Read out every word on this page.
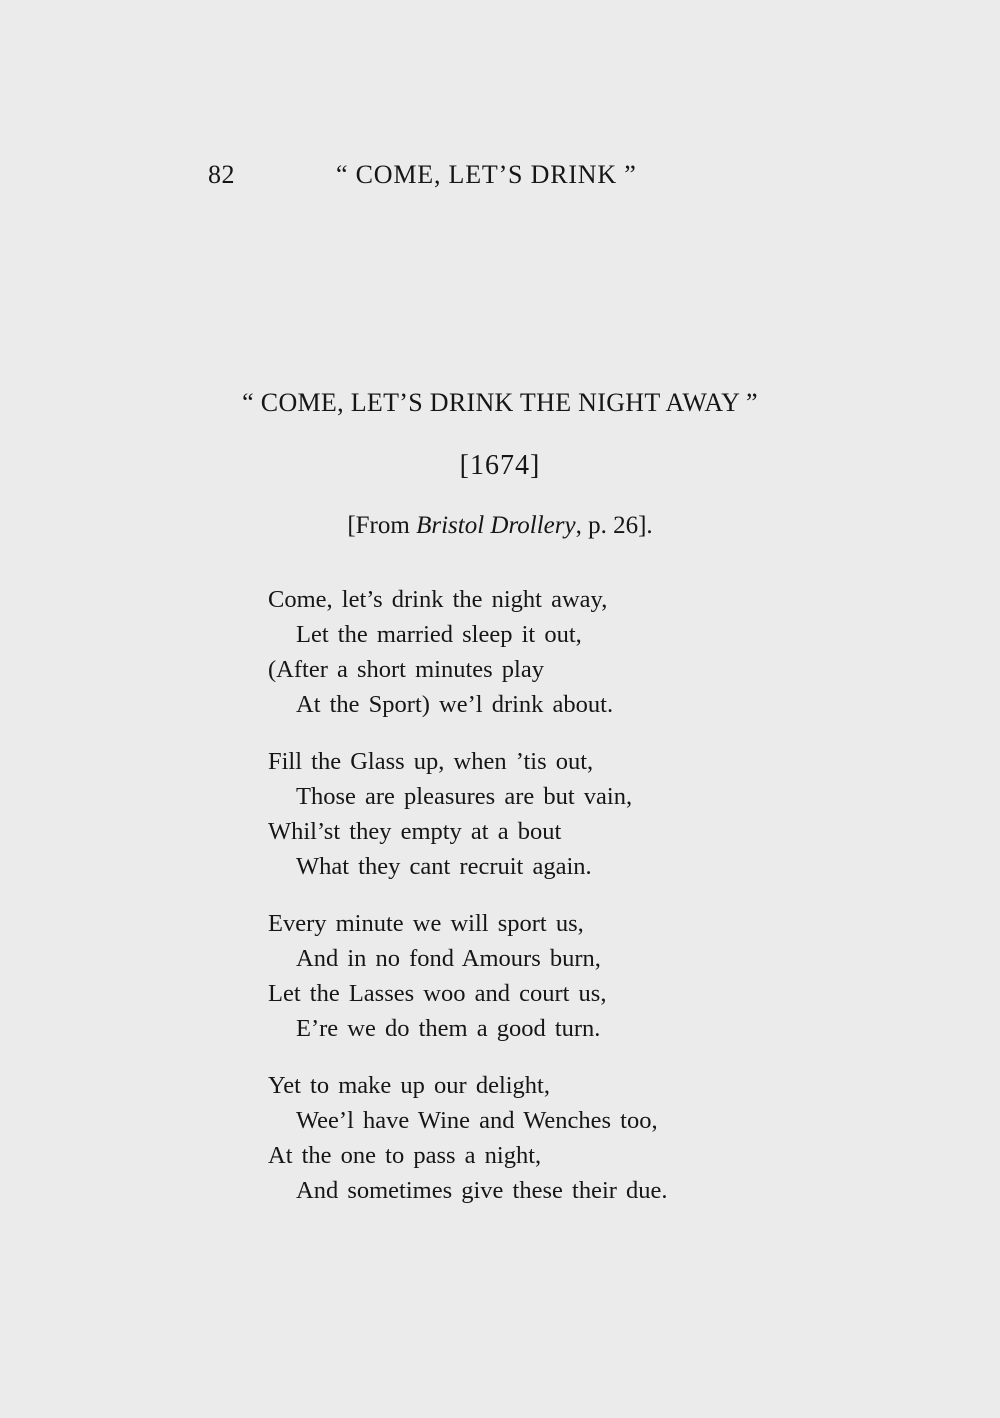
82	“ COME, LET’S DRINK ”
“ COME, LET’S DRINK THE NIGHT AWAY ”
[1674]
[From Bristol Drollery, p. 26].
Come, let’s drink the night away,
Let the married sleep it out,
(After a short minutes play
At the Sport) we’l drink about.
Fill the Glass up, when ’tis out,
Those are pleasures are but vain,
Whil’st they empty at a bout
What they cant recruit again.
Every minute we will sport us,
And in no fond Amours burn,
Let the Lasses woo and court us,
E’re we do them a good turn.
Yet to make up our delight,
Wee’l have Wine and Wenches too,
At the one to pass a night,
And sometimes give these their due.
